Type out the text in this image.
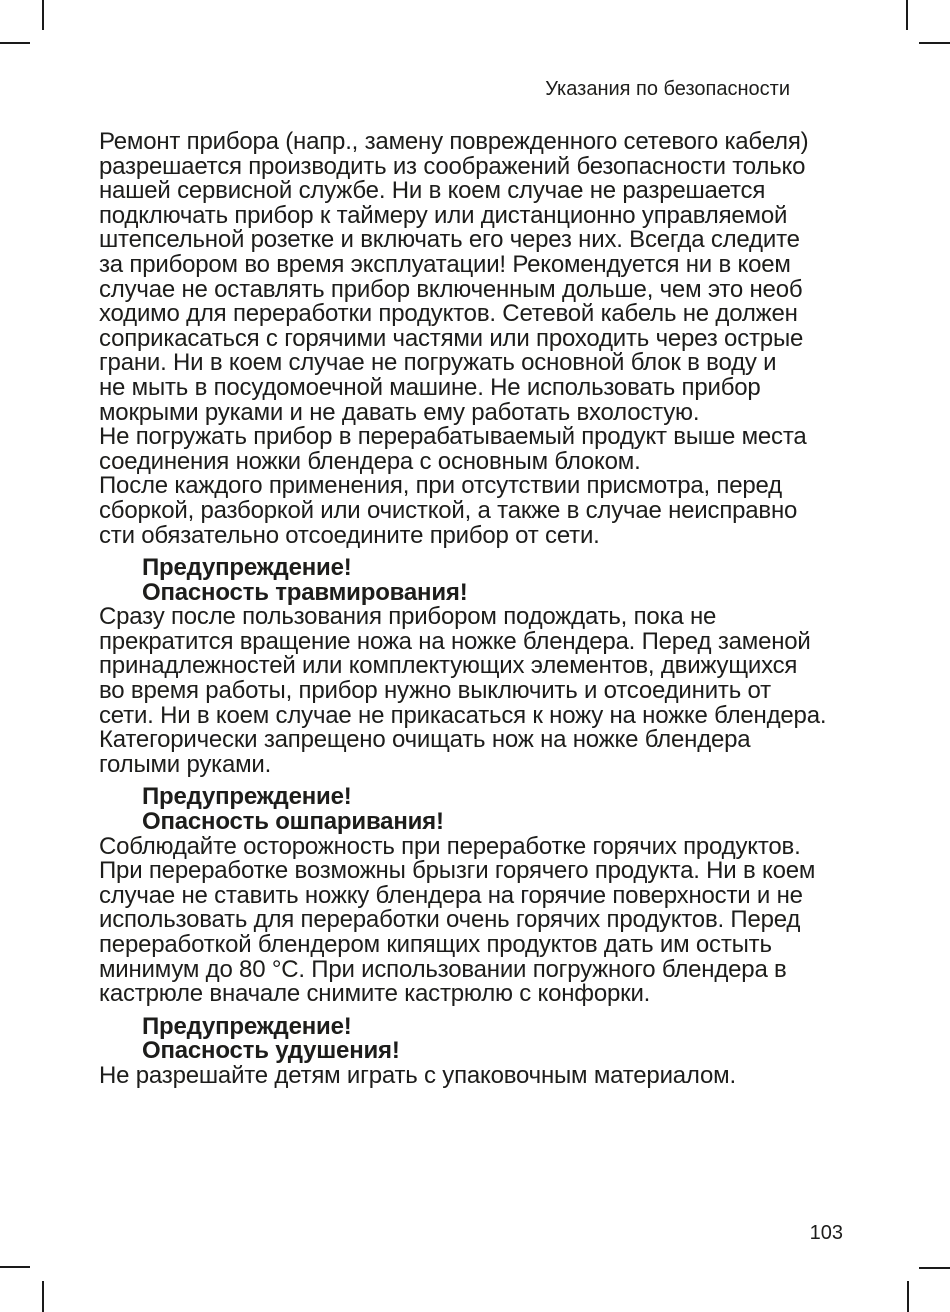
Указания по безопасности
Ремонт прибора (напр., замену поврежденного сетевого кабеля)
разрешается производить из соображений безопасности только
нашей сервисной службе. Ни в коем случае не разрешается
подключать прибор к таймеру или дистанционно управляемой
штепсельной розетке и включать его через них. Всегда следите
за прибором во время эксплуатации! Рекомендуется ни в коем
случае не оставлять прибор включенным дольше, чем это необ
ходимо для переработки продуктов. Сетевой кабель не должен
соприкасаться с горячими частями или проходить через острые
грани. Ни в коем случае не погружать основной блок в воду и
не мыть в посудомоечной машине. Не использовать прибор
мокрыми руками и не давать ему работать вхолостую.
Не погружать прибор в перерабатываемый продукт выше места
соединения ножки блендера с основным блоком.
После каждого применения, при отсутствии присмотра, перед
сборкой, разборкой или очисткой, а также в случае неисправно
сти обязательно отсоедините прибор от сети.
Предупреждение!
Опасность травмирования!
Сразу после пользования прибором подождать, пока не
прекратится вращение ножа на ножке блендера. Перед заменой
принадлежностей или комплектующих элементов, движущихся
во время работы, прибор нужно выключить и отсоединить от
сети. Ни в коем случае не прикасаться к ножу на ножке блендера.
Категорически запрещено очищать нож на ножке блендера
голыми руками.
Предупреждение!
Опасность ошпаривания!
Соблюдайте осторожность при переработке горячих продуктов.
При переработке возможны брызги горячего продукта. Ни в коем
случае не ставить ножку блендера на горячие поверхности и не
использовать для переработки очень горячих продуктов. Перед
переработкой блендером кипящих продуктов дать им остыть
минимум до 80 °C. При использовании погружного блендера в
кастрюле вначале снимите кастрюлю с конфорки.
Предупреждение!
Опасность удушения!
Не разрешайте детям играть с упаковочным материалом.
103
